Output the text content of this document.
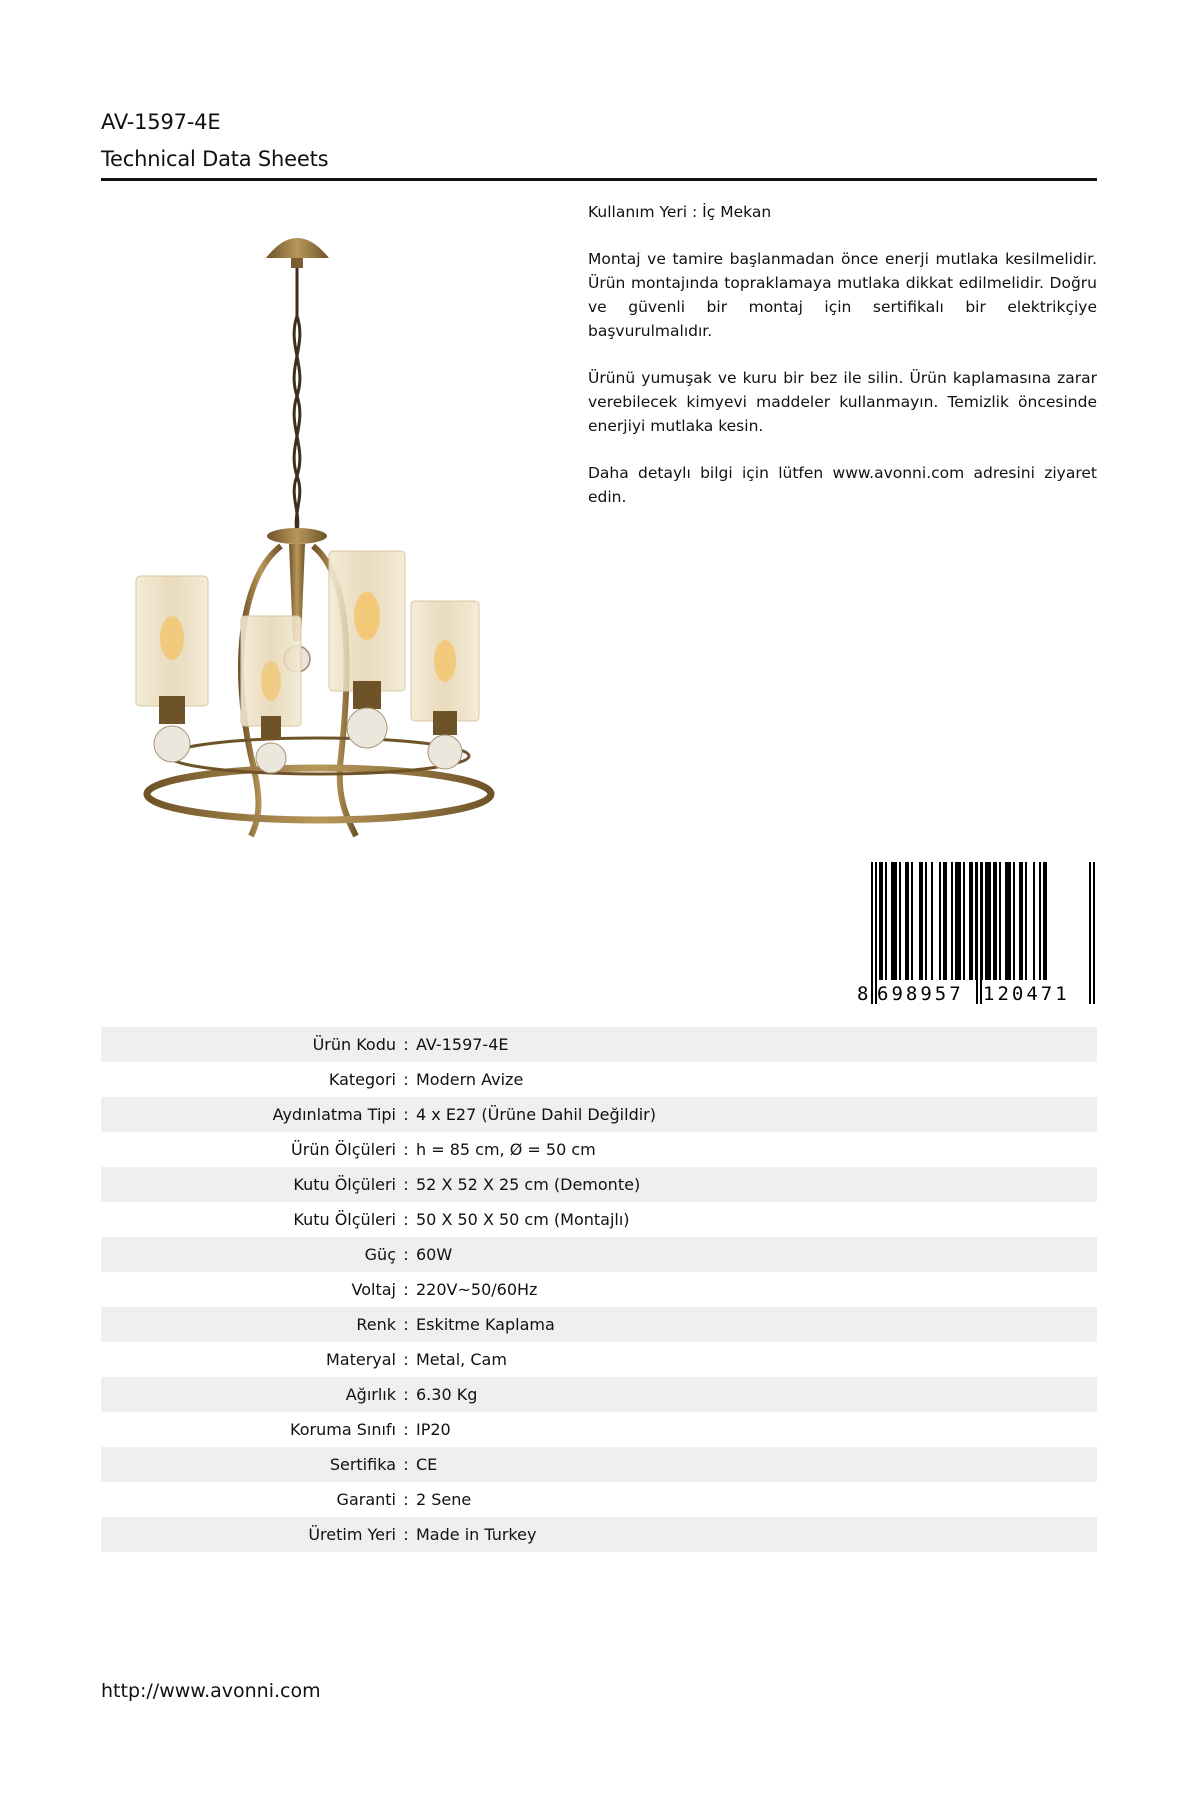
AV-1597-4E
Technical Data Sheets

Kullanım Yeri : İç Mekan

Montaj ve tamire başlanmadan önce enerji mutlaka kesilmelidir. Ürün montajında topraklamaya mutlaka dikkat edilmelidir. Doğru ve güvenli bir montaj için sertifikalı bir elektrikçiye başvurulmalıdır.

Ürünü yumuşak ve kuru bir bez ile silin. Ürün kaplamasına zarar verebilecek kimyevi maddeler kullanmayın. Temizlik öncesinde enerjiyi mutlaka kesin.

Daha detaylı bilgi için lütfen www.avonni.com adresini ziyaret edin.

8 698957 120471
Ürün Kodu : AV-1597-4E
Kategori : Modern Avize
Aydınlatma Tipi : 4 x E27 (Ürüne Dahil Değildir)
Ürün Ölçüleri : h = 85 cm, Ø = 50 cm
Kutu Ölçüleri : 52 X 52 X 25 cm (Demonte)
Kutu Ölçüleri : 50 X 50 X 50 cm (Montajlı)
Güç : 60W
Voltaj : 220V~50/60Hz
Renk : Eskitme Kaplama
Materyal : Metal, Cam
Ağırlık : 6.30 Kg
Koruma Sınıfı : IP20
Sertifika : CE
Garanti : 2 Sene
Üretim Yeri : Made in Turkey
http://www.avonni.com
